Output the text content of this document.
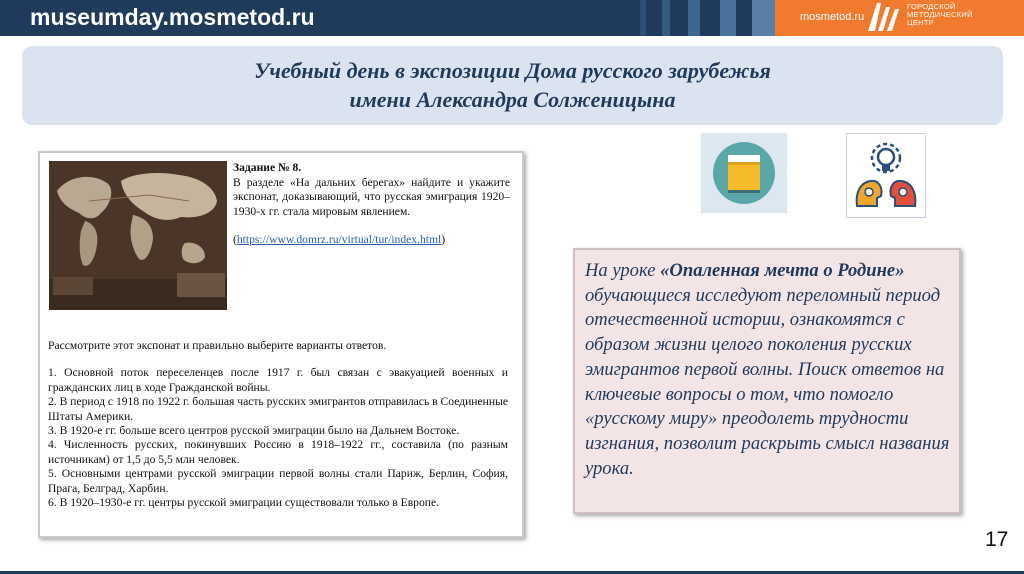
museumday.mosmetod.ru	mosmetod.ru
ГОРОДСКОЙ
МЕТОДИЧЕСКИЙ
ЦЕНТР
Учебный день в экспозиции Дома русского зарубежья
имени Александра Солженицына
Задание № 8.
В разделе «На дальних берегах» найдите и укажите экспонат, доказывающий, что русская эмиграция 1920–1930-х гг. стала мировым явлением.
(https://www.domrz.ru/virtual/tur/index.html)

Рассмотрите этот экспонат и правильно выберите варианты ответов.

1. Основной поток переселенцев после 1917 г. был связан с эвакуацией военных и гражданских лиц в ходе Гражданской войны.

2. В период с 1918 по 1922 г. большая часть русских эмигрантов отправилась в Соединенные Штаты Америки.

3. В 1920-е гг. больше всего центров русской эмиграции было на Дальнем Востоке.

4. Численность русских, покинувших Россию в 1918–1922 гг., составила (по разным источникам) от 1,5 до 5,5 млн человек.

5. Основными центрами русской эмиграции первой волны стали Париж, Берлин, София, Прага, Белград, Харбин.

6. В 1920–1930-е гг. центры русской эмиграции существовали только в Европе.

На уроке «Опаленная мечта о Родине» обучающиеся исследуют переломный период отечественной истории, ознакомятся с образом жизни целого поколения русских эмигрантов первой волны. Поиск ответов на ключевые вопросы о том, что помогло «русскому миру» преодолеть трудности изгнания, позволит раскрыть смысл названия урока.
17
